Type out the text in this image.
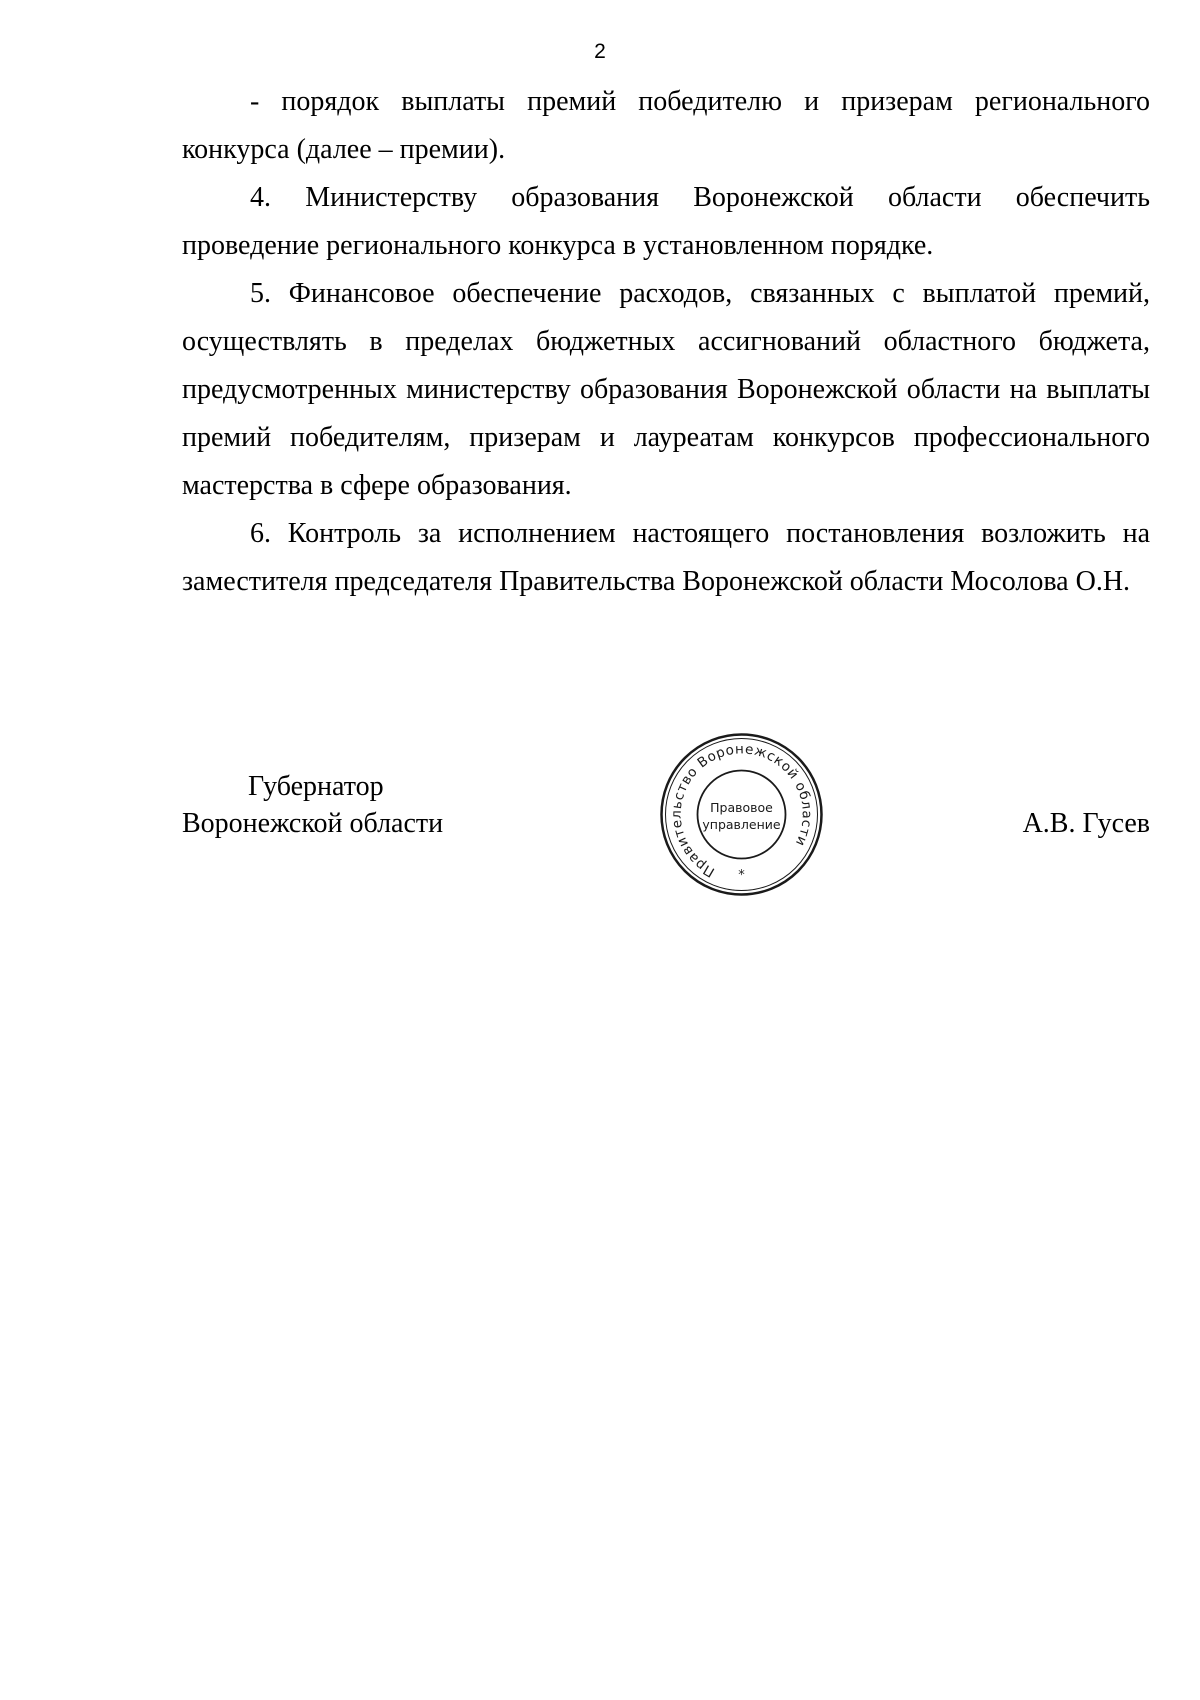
2

- порядок выплаты премий победителю и призерам регионального конкурса (далее – премии).

4. Министерству образования Воронежской области обеспечить проведение регионального конкурса в установленном порядке.

5. Финансовое обеспечение расходов, связанных с выплатой премий, осуществлять в пределах бюджетных ассигнований областного бюджета, предусмотренных министерству образования Воронежской области на выплаты премий победителям, призерам и лауреатам конкурсов профессионального мастерства в сфере образования.

6. Контроль за исполнением настоящего постановления возложить на заместителя председателя Правительства Воронежской области Мосолова О.Н.

Губернатор
Воронежской области	А.В. Гусев
Правительство Воронежской области
Правовое
управление
*
